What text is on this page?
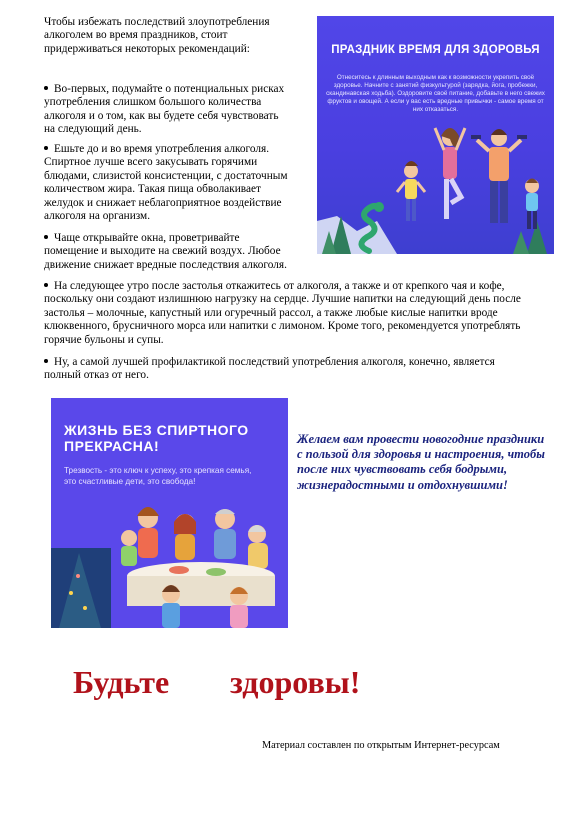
Чтобы избежать последствий злоупотребления алкоголем во время праздников, стоит придерживаться некоторых рекомендаций:

Во-первых, подумайте о потенциальных рисках
употребления слишком большого количества
алкоголя и о том, как вы будете себя чувствовать
на следующий день.
Ешьте до и во время употребления алкоголя.
Спиртное лучше всего закусывать горячими
блюдами, слизистой консистенции, с достаточным
количеством жира. Такая пища обволакивает
желудок и снижает неблагоприятное воздействие
алкоголя на организм.
Чаще открывайте окна, проветривайте
помещение и выходите на свежий воздух. Любое
движение снижает вредные последствия алкоголя.
На следующее утро после застолья откажитесь от алкоголя, а также и от крепкого чая и кофе,
поскольку они создают излишнюю нагрузку на сердце. Лучшие напитки на следующий день после
застолья – молочные, капустный или огуречный рассол, а также любые кислые напитки вроде
клюквенного, брусничного морса или напитки с лимоном. Кроме того, рекомендуется употреблять
горячие бульоны и супы.
Ну, а самой лучшей профилактикой последствий употребления алкоголя, конечно, является
полный отказ от него.
ПРАЗДНИК ВРЕМЯ ДЛЯ ЗДОРОВЬЯ
Отнеситесь к длинным выходным как к возможности укрепить своё здоровье. Начните с занятий физкультурой (зарядка, йога, пробежки, скандинавская ходьба). Оздоровите своё питание, добавьте в него свежих фруктов и овощей. А если у вас есть вредные привычки - самое время от них отказаться.
ЖИЗНЬ БЕЗ СПИРТНОГО
ПРЕКРАСНА!
Трезвость - это ключ к успеху, это крепкая семья, это счастливые дети, это свобода!
Желаем вам провести новогодние праздники с пользой для здоровья и настроения, чтобы после них чувствовать себя бодрыми, жизнерадостными и отдохнувшими!
Будьте здоровы!
Материал составлен по открытым Интернет-ресурсам
